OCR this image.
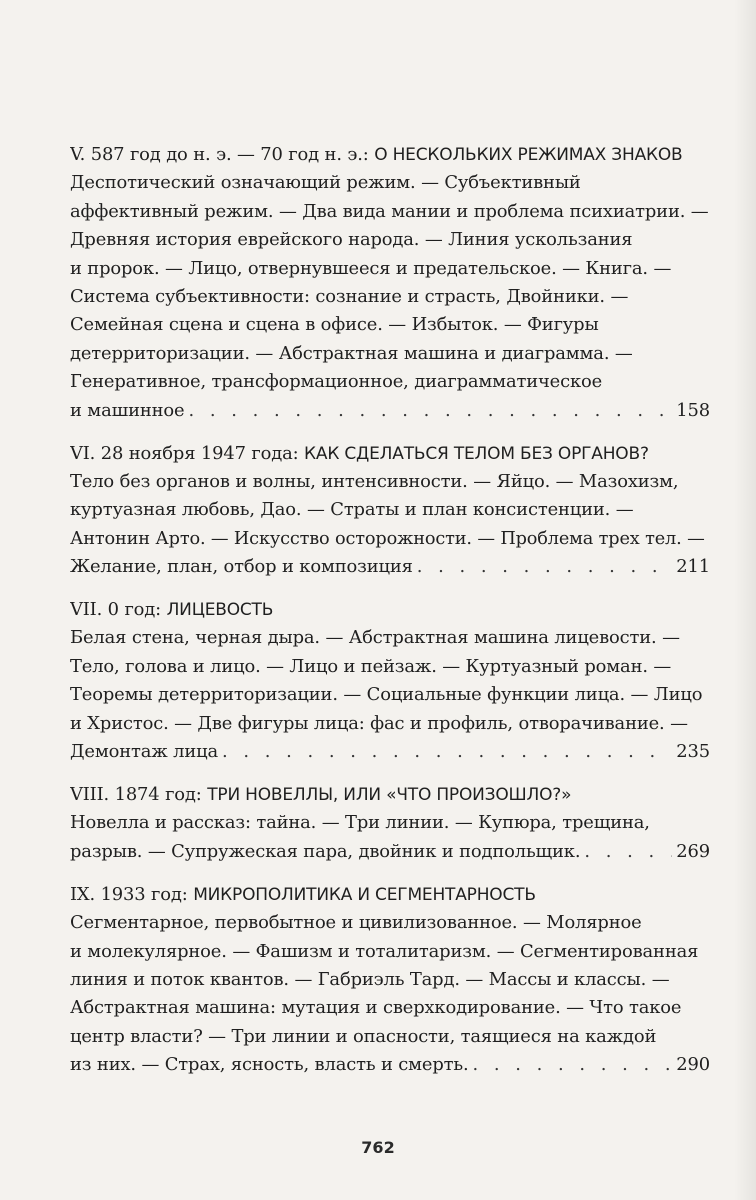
V. 587 год до н. э. — 70 год н. э.: О НЕСКОЛЬКИХ РЕЖИМАХ ЗНАКОВ
Деспотический означающий режим. — Субъективный
аффективный режим. — Два вида мании и проблема психиатрии. —
Древняя история еврейского народа. — Линия ускользания
и пророк. — Лицо, отвернувшееся и предательское. — Книга. —
Система субъективности: сознание и страсть, Двойники. —
Семейная сцена и сцена в офисе. — Избыток. — Фигуры
детерриторизации. — Абстрактная машина и диаграмма. —
Генеративное, трансформационное, диаграмматическое
и машинное . . .	158
VI. 28 ноября 1947 года: КАК СДЕЛАТЬСЯ ТЕЛОМ БЕЗ ОРГАНОВ?
Тело без органов и волны, интенсивности. — Яйцо. — Мазохизм,
куртуазная любовь, Дао. — Страты и план консистенции. —
Антонин Арто. — Искусство осторожности. — Проблема трех тел. —
Желание, план, отбор и композиция . . .	211
VII. 0 год: ЛИЦЕВОСТЬ
Белая стена, черная дыра. — Абстрактная машина лицевости. —
Тело, голова и лицо. — Лицо и пейзаж. — Куртуазный роман. —
Теоремы детерриторизации. — Социальные функции лица. — Лицо
и Христос. — Две фигуры лица: фас и профиль, отворачивание. —
Демонтаж лица . . .	235
VIII. 1874 год: ТРИ НОВЕЛЛЫ, ИЛИ «ЧТО ПРОИЗОШЛО?»
Новелла и рассказ: тайна. — Три линии. — Купюра, трещина,
разрыв. — Супружеская пара, двойник и подпольщик. . . .	269
IX. 1933 год: МИКРОПОЛИТИКА И СЕГМЕНТАРНОСТЬ
Сегментарное, первобытное и цивилизованное. — Молярное
и молекулярное. — Фашизм и тоталитаризм. — Сегментированная
линия и поток квантов. — Габриэль Тард. — Массы и классы. —
Абстрактная машина: мутация и сверхкодирование. — Что такое
центр власти? — Три линии и опасности, таящиеся на каждой
из них. — Страх, ясность, власть и смерть. . . .	290
762
